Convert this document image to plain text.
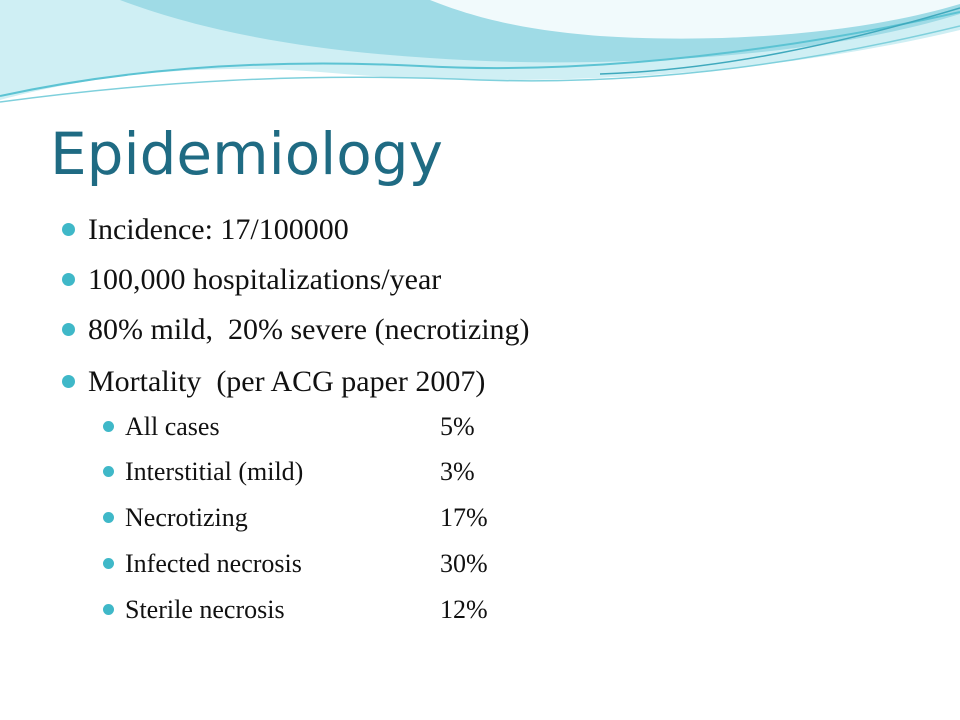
Epidemiology
Incidence: 17/100000
100,000 hospitalizations/year
80% mild,  20% severe (necrotizing)
Mortality  (per ACG paper 2007)
All cases	5%
Interstitial (mild)	3%
Necrotizing	17%
Infected necrosis	30%
Sterile necrosis	12%
